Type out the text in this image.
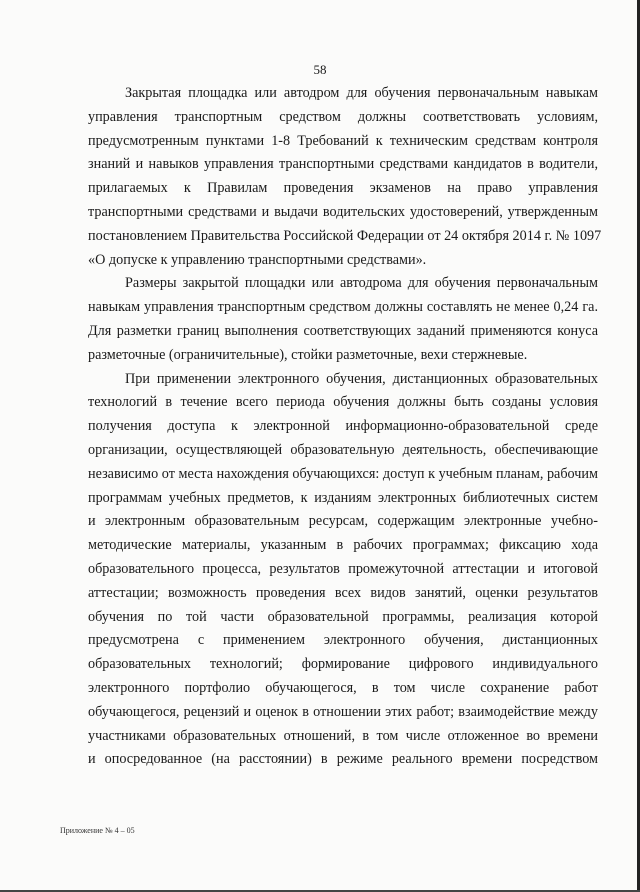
58

Закрытая площадка или автодром для обучения первоначальным навыкам
управления транспортным средством должны соответствовать условиям,
предусмотренным пунктами 1-8 Требований к техническим средствам контроля
знаний и навыков управления транспортными средствами кандидатов в водители,
прилагаемых к Правилам проведения экзаменов на право управления
транспортными средствами и выдачи водительских удостоверений, утвержденным
постановлением Правительства Российской Федерации от 24 октября 2014 г. № 1097
«О допуске к управлению транспортными средствами».

Размеры закрытой площадки или автодрома для обучения первоначальным
навыкам управления транспортным средством должны составлять не менее 0,24 га.
Для разметки границ выполнения соответствующих заданий применяются конуса
разметочные (ограничительные), стойки разметочные, вехи стержневые.

При применении электронного обучения, дистанционных образовательных
технологий в течение всего периода обучения должны быть созданы условия
получения доступа к электронной информационно-образовательной среде
организации, осуществляющей образовательную деятельность, обеспечивающие
независимо от места нахождения обучающихся: доступ к учебным планам, рабочим
программам учебных предметов, к изданиям электронных библиотечных систем
и электронным образовательным ресурсам, содержащим электронные учебно-
методические материалы, указанным в рабочих программах; фиксацию хода
образовательного процесса, результатов промежуточной аттестации и итоговой
аттестации; возможность проведения всех видов занятий, оценки результатов
обучения по той части образовательной программы, реализация которой
предусмотрена с применением электронного обучения, дистанционных
образовательных технологий; формирование цифрового индивидуального
электронного портфолио обучающегося, в том числе сохранение работ
обучающегося, рецензий и оценок в отношении этих работ; взаимодействие между
участниками образовательных отношений, в том числе отложенное во времени
и опосредованное (на расстоянии) в режиме реального времени посредством

Приложение № 4 – 05
